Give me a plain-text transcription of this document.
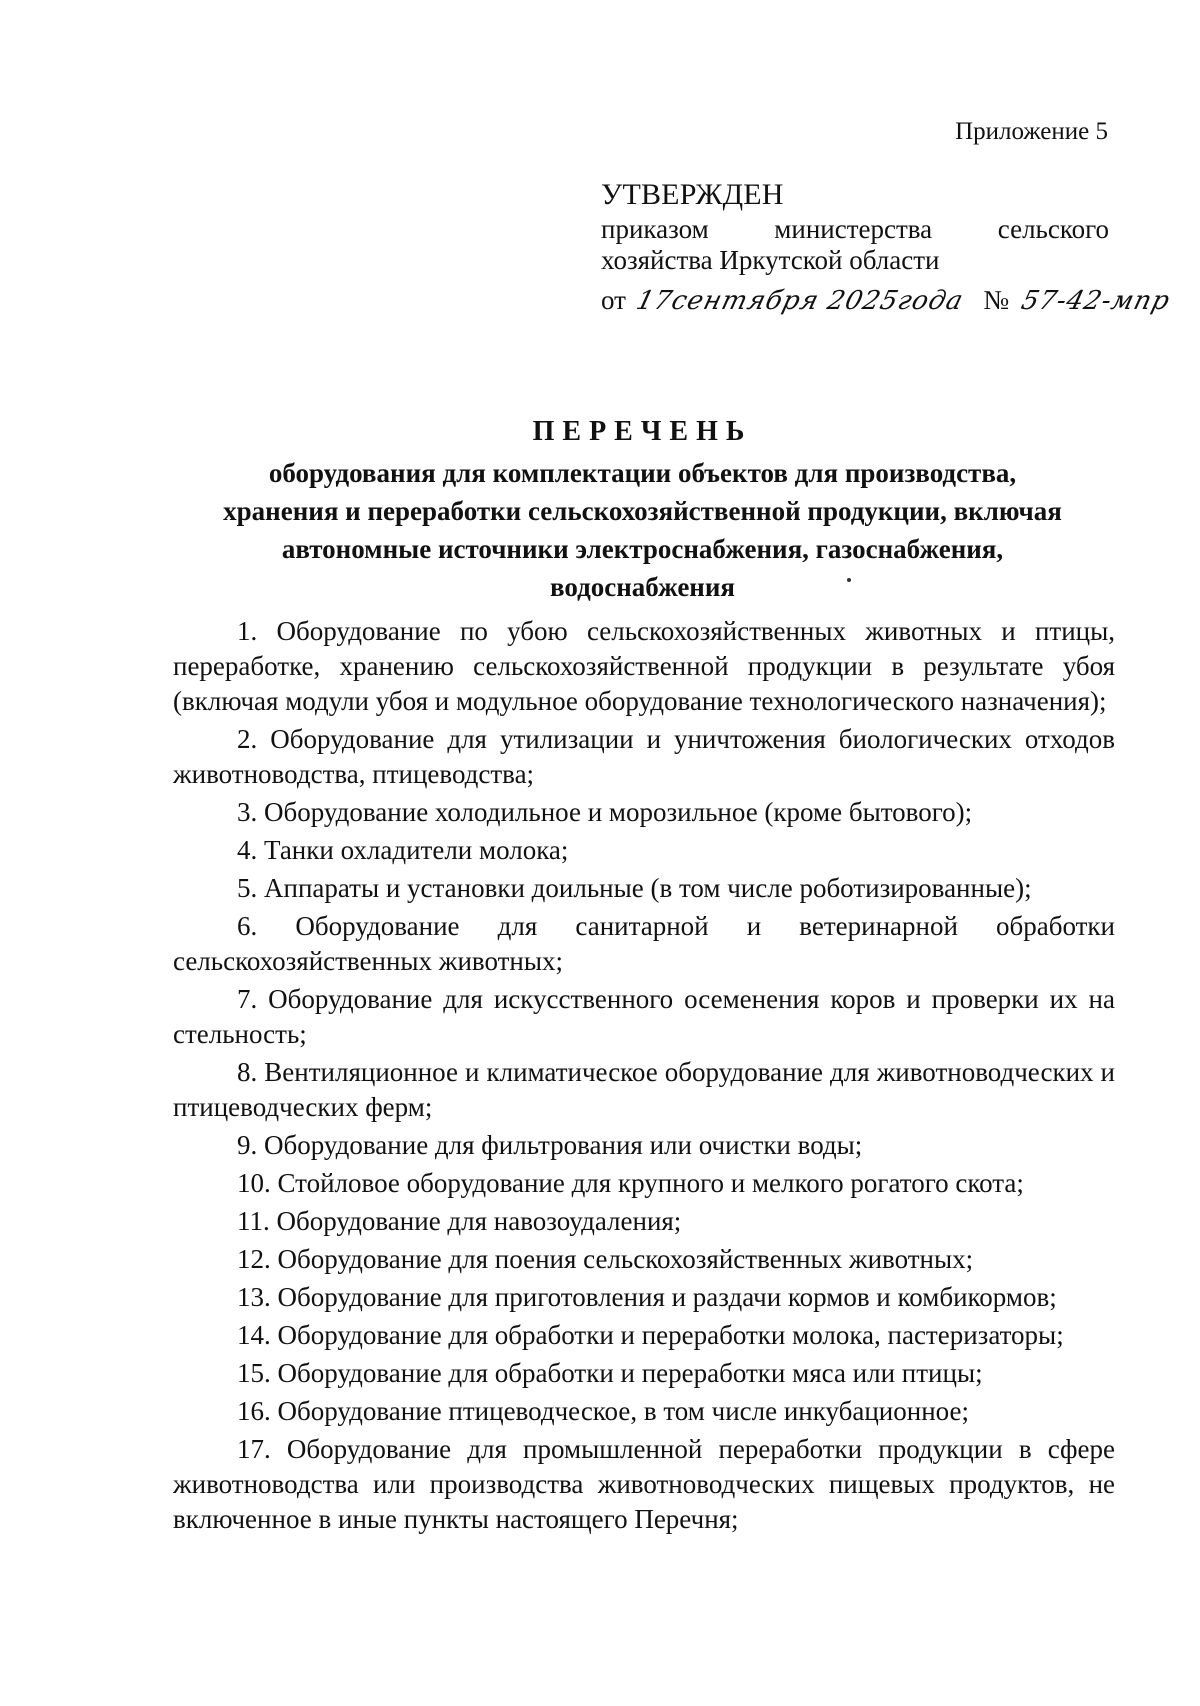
Приложение 5
УТВЕРЖДЕН
приказом министерства сельского
хозяйства Иркутской области
от 17сентября 2025года № 57-42-мпр
ПЕРЕЧЕНЬ
оборудования для комплектации объектов для производства,
хранения и переработки сельскохозяйственной продукции, включая
автономные источники электроснабжения, газоснабжения,
водоснабжения

1. Оборудование по убою сельскохозяйственных животных и птицы, переработке, хранению сельскохозяйственной продукции в результате убоя (включая модули убоя и модульное оборудование технологического назначения);

2. Оборудование для утилизации и уничтожения биологических отходов животноводства, птицеводства;

3. Оборудование холодильное и морозильное (кроме бытового);

4. Танки охладители молока;

5. Аппараты и установки доильные (в том числе роботизированные);

6. Оборудование для санитарной и ветеринарной обработки сельскохозяйственных животных;

7. Оборудование для искусственного осеменения коров и проверки их на стельность;

8. Вентиляционное и климатическое оборудование для животноводческих и птицеводческих ферм;

9. Оборудование для фильтрования или очистки воды;

10. Стойловое оборудование для крупного и мелкого рогатого скота;

11. Оборудование для навозоудаления;

12. Оборудование для поения сельскохозяйственных животных;

13. Оборудование для приготовления и раздачи кормов и комбикормов;

14. Оборудование для обработки и переработки молока, пастеризаторы;

15. Оборудование для обработки и переработки мяса или птицы;

16. Оборудование птицеводческое, в том числе инкубационное;

17. Оборудование для промышленной переработки продукции в сфере животноводства или производства животноводческих пищевых продуктов, не включенное в иные пункты настоящего Перечня;
